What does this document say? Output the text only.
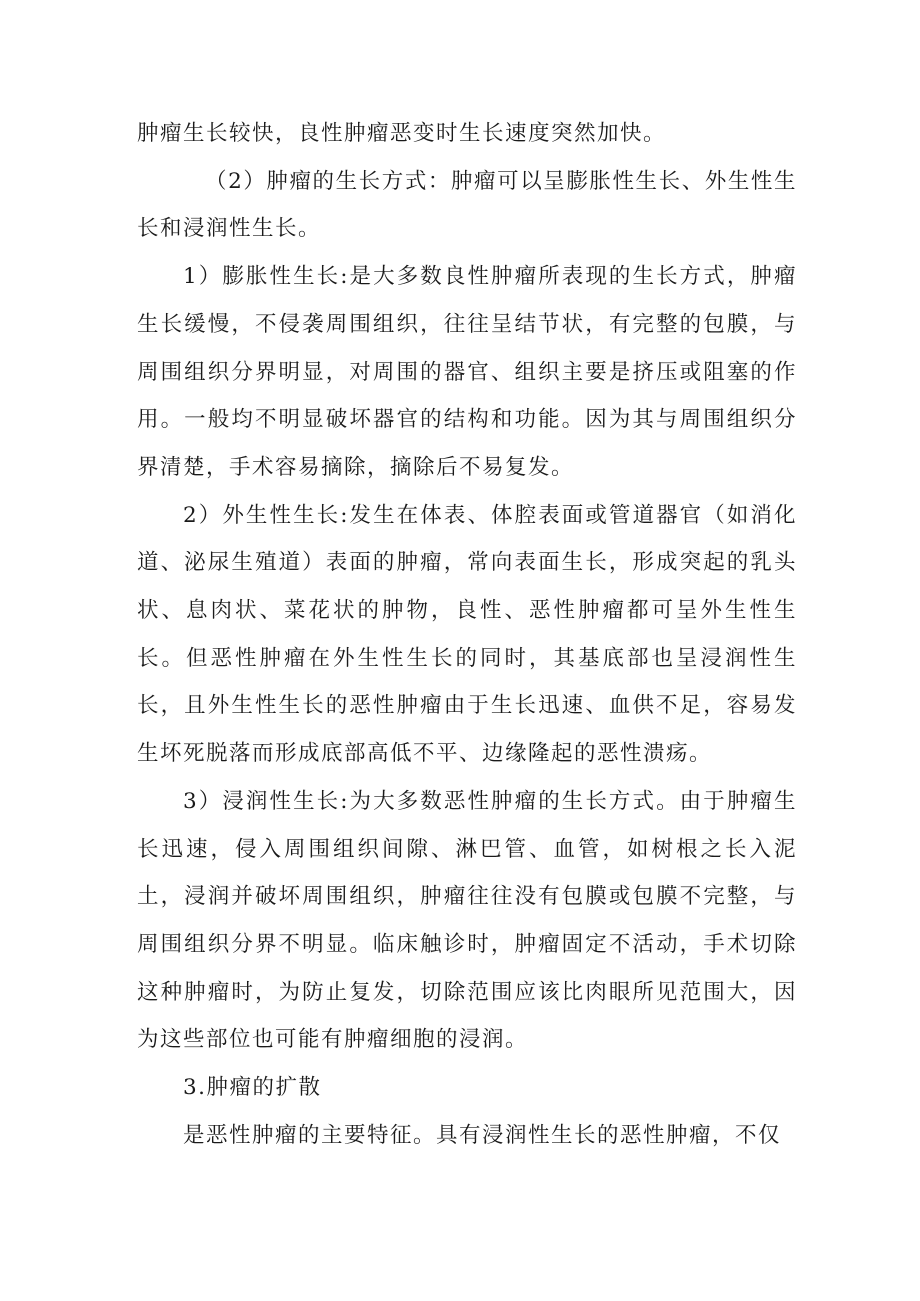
肿瘤生长较快，良性肿瘤恶变时生长速度突然加快。

（2）肿瘤的生长方式：肿瘤可以呈膨胀性生长、外生性生长和浸润性生长。

1）膨胀性生长:是大多数良性肿瘤所表现的生长方式，肿瘤生长缓慢，不侵袭周围组织，往往呈结节状，有完整的包膜，与周围组织分界明显，对周围的器官、组织主要是挤压或阻塞的作用。一般均不明显破坏器官的结构和功能。因为其与周围组织分界清楚，手术容易摘除，摘除后不易复发。

2）外生性生长:发生在体表、体腔表面或管道器官（如消化道、泌尿生殖道）表面的肿瘤，常向表面生长，形成突起的乳头状、息肉状、菜花状的肿物，良性、恶性肿瘤都可呈外生性生长。但恶性肿瘤在外生性生长的同时，其基底部也呈浸润性生长，且外生性生长的恶性肿瘤由于生长迅速、血供不足，容易发生坏死脱落而形成底部高低不平、边缘隆起的恶性溃疡。

3）浸润性生长:为大多数恶性肿瘤的生长方式。由于肿瘤生长迅速，侵入周围组织间隙、淋巴管、血管，如树根之长入泥土，浸润并破坏周围组织，肿瘤往往没有包膜或包膜不完整，与周围组织分界不明显。临床触诊时，肿瘤固定不活动，手术切除这种肿瘤时，为防止复发，切除范围应该比肉眼所见范围大，因为这些部位也可能有肿瘤细胞的浸润。

3.肿瘤的扩散

是恶性肿瘤的主要特征。具有浸润性生长的恶性肿瘤，不仅
